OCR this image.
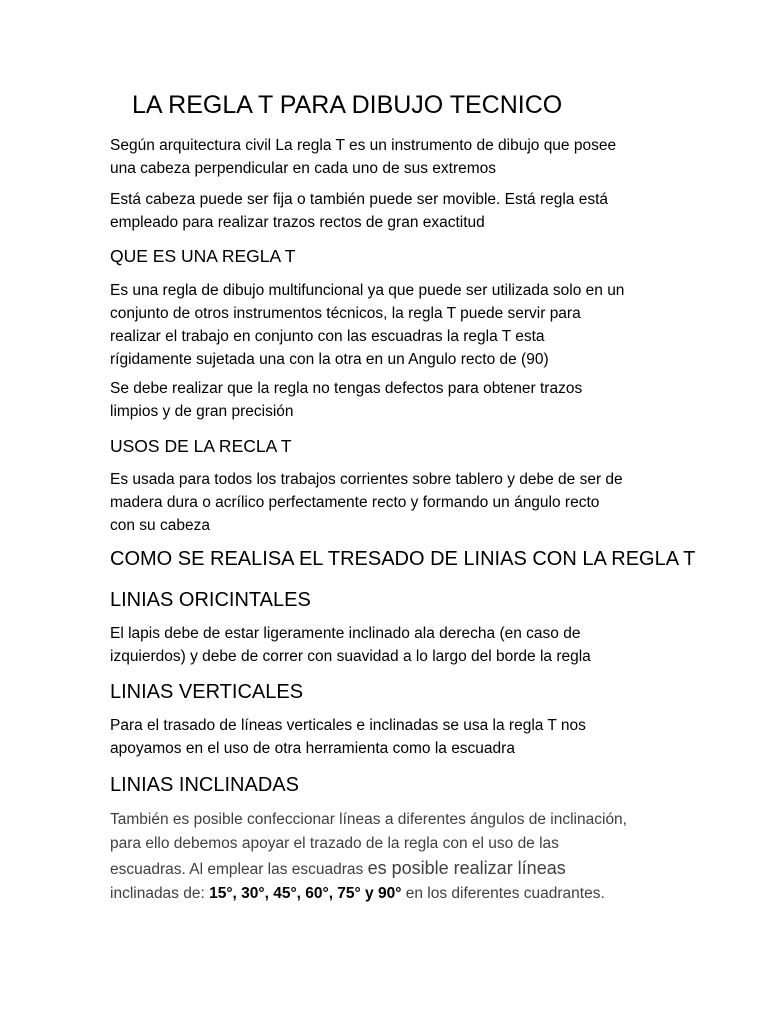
LA REGLA T PARA DIBUJO TECNICO

Según arquitectura civil La regla T es un instrumento de dibujo que posee
una cabeza perpendicular en cada uno de sus extremos

Está cabeza puede ser fija o también puede ser movible. Está regla está
empleado para realizar trazos rectos de gran exactitud

QUE ES UNA REGLA T

Es una regla de dibujo multifuncional ya que puede ser utilizada solo en un
conjunto de otros instrumentos técnicos, la regla T puede servir para
realizar el trabajo en conjunto con las escuadras la regla T esta
rígidamente sujetada una con la otra en un Angulo recto de (90)

Se debe realizar que la regla no tengas defectos para obtener trazos
limpios y de gran precisión

USOS DE LA RECLA T

Es usada para todos los trabajos corrientes sobre tablero y debe de ser de
madera dura o acrílico perfectamente recto y formando un ángulo recto
con su cabeza

COMO SE REALISA EL TRESADO DE LINIAS CON LA REGLA T

LINIAS ORICINTALES

El lapis debe de estar ligeramente inclinado ala derecha (en caso de
izquierdos) y debe de correr con suavidad a lo largo del borde la regla

LINIAS VERTICALES

Para el trasado de líneas verticales e inclinadas se usa la regla T nos
apoyamos en el uso de otra herramienta como la escuadra

LINIAS INCLINADAS

También es posible confeccionar líneas a diferentes ángulos de inclinación,
para ello debemos apoyar el trazado de la regla con el uso de las
escuadras. Al emplear las escuadras es posible realizar líneas
inclinadas de: 15°, 30°, 45°, 60°, 75° y 90° en los diferentes cuadrantes.
